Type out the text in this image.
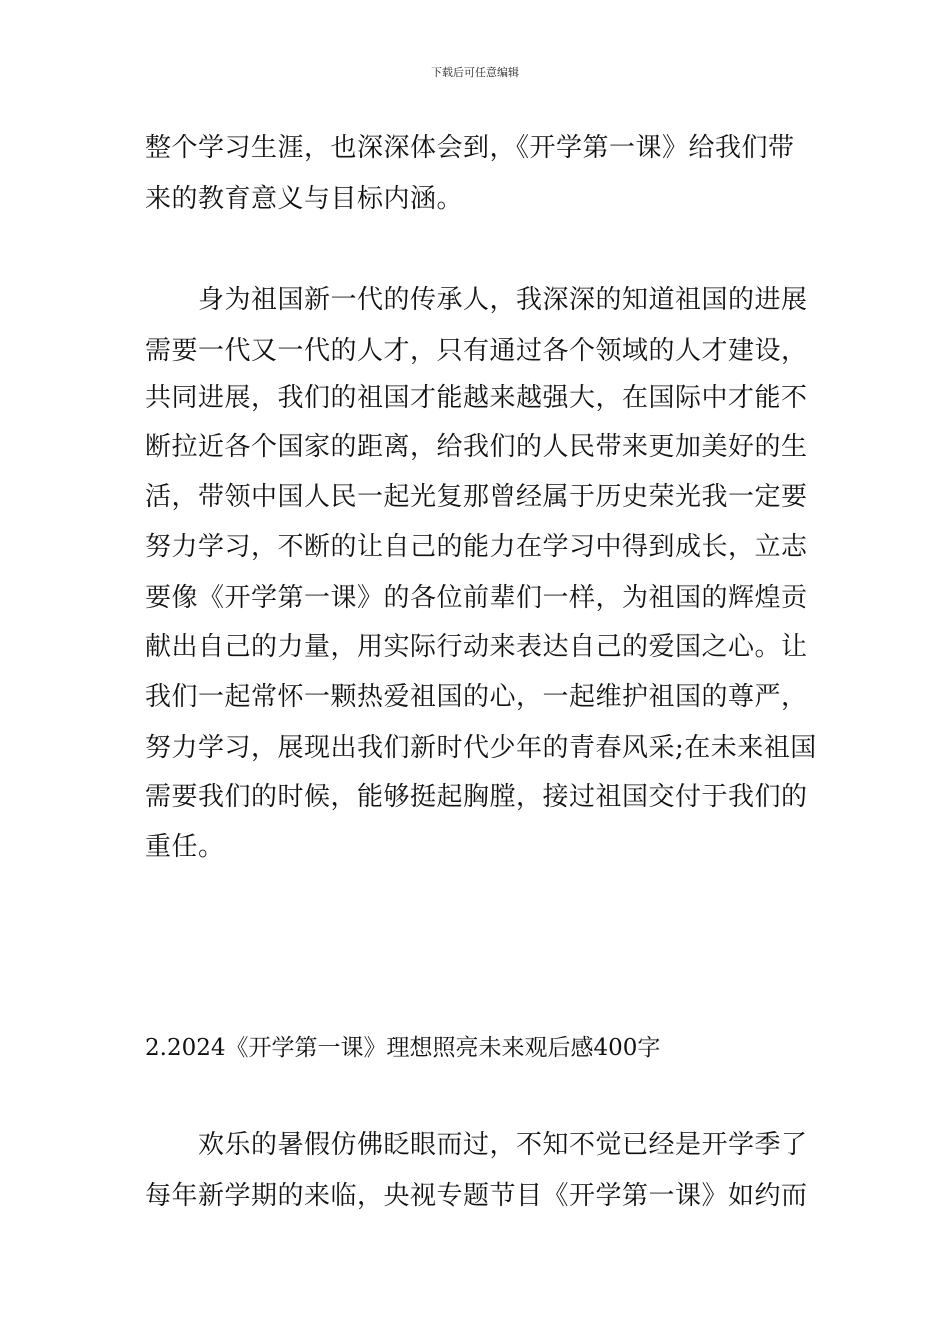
下载后可任意编辑
整个学习生涯，也深深体会到，《开学第一课》给我们带
来的教育意义与目标内涵。
　　身为祖国新一代的传承人，我深深的知道祖国的进展
需要一代又一代的人才，只有通过各个领域的人才建设，
共同进展，我们的祖国才能越来越强大，在国际中才能不
断拉近各个国家的距离，给我们的人民带来更加美好的生
活，带领中国人民一起光复那曾经属于历史荣光我一定要
努力学习，不断的让自己的能力在学习中得到成长，立志
要像《开学第一课》的各位前辈们一样，为祖国的辉煌贡
献出自己的力量，用实际行动来表达自己的爱国之心。让
我们一起常怀一颗热爱祖国的心，一起维护祖国的尊严，
努力学习，展现出我们新时代少年的青春风采;在未来祖国
需要我们的时候，能够挺起胸膛，接过祖国交付于我们的
重任。
2.2024《开学第一课》理想照亮未来观后感400字
　　欢乐的暑假仿佛眨眼而过，不知不觉已经是开学季了
每年新学期的来临，央视专题节目《开学第一课》如约而
